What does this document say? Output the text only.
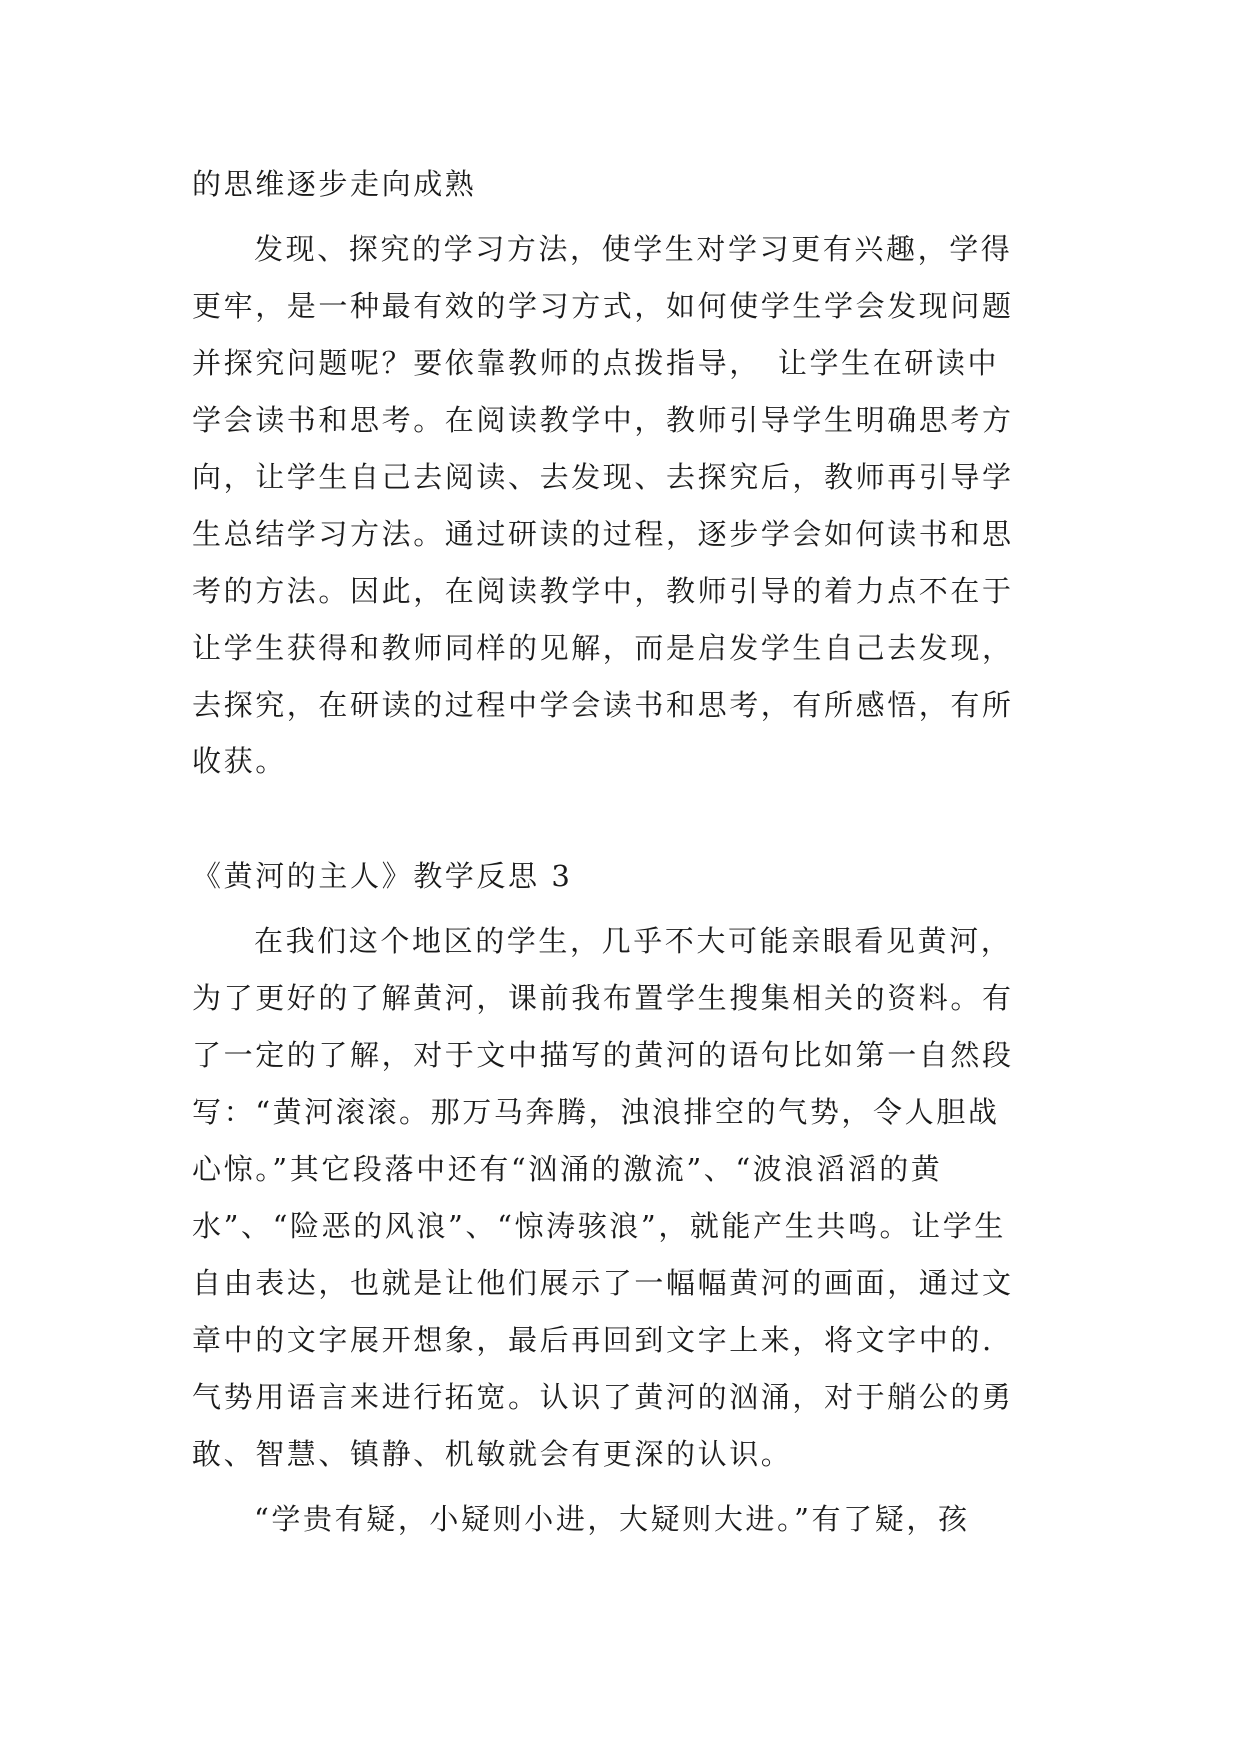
的思维逐步走向成熟
发现、探究的学习方法，使学生对学习更有兴趣，学得
更牢，是一种最有效的学习方式，如何使学生学会发现问题
并探究问题呢？要依靠教师的点拨指导，　让学生在研读中
学会读书和思考。在阅读教学中，教师引导学生明确思考方
向，让学生自己去阅读、去发现、去探究后，教师再引导学
生总结学习方法。通过研读的过程，逐步学会如何读书和思
考的方法。因此，在阅读教学中，教师引导的着力点不在于
让学生获得和教师同样的见解，而是启发学生自己去发现，
去探究，在研读的过程中学会读书和思考，有所感悟，有所
收获。
《黄河的主人》教学反思 3
在我们这个地区的学生，几乎不大可能亲眼看见黄河，
为了更好的了解黄河，课前我布置学生搜集相关的资料。有
了一定的了解，对于文中描写的黄河的语句比如第一自然段
写：“黄河滚滚。那万马奔腾，浊浪排空的气势，令人胆战
心惊。”其它段落中还有“汹涌的激流”、“波浪滔滔的黄
水”、“险恶的风浪”、“惊涛骇浪”，就能产生共鸣。让学生
自由表达，也就是让他们展示了一幅幅黄河的画面，通过文
章中的文字展开想象，最后再回到文字上来，将文字中的.
气势用语言来进行拓宽。认识了黄河的汹涌，对于艄公的勇
敢、智慧、镇静、机敏就会有更深的认识。
“学贵有疑，小疑则小进，大疑则大进。”有了疑，孩
